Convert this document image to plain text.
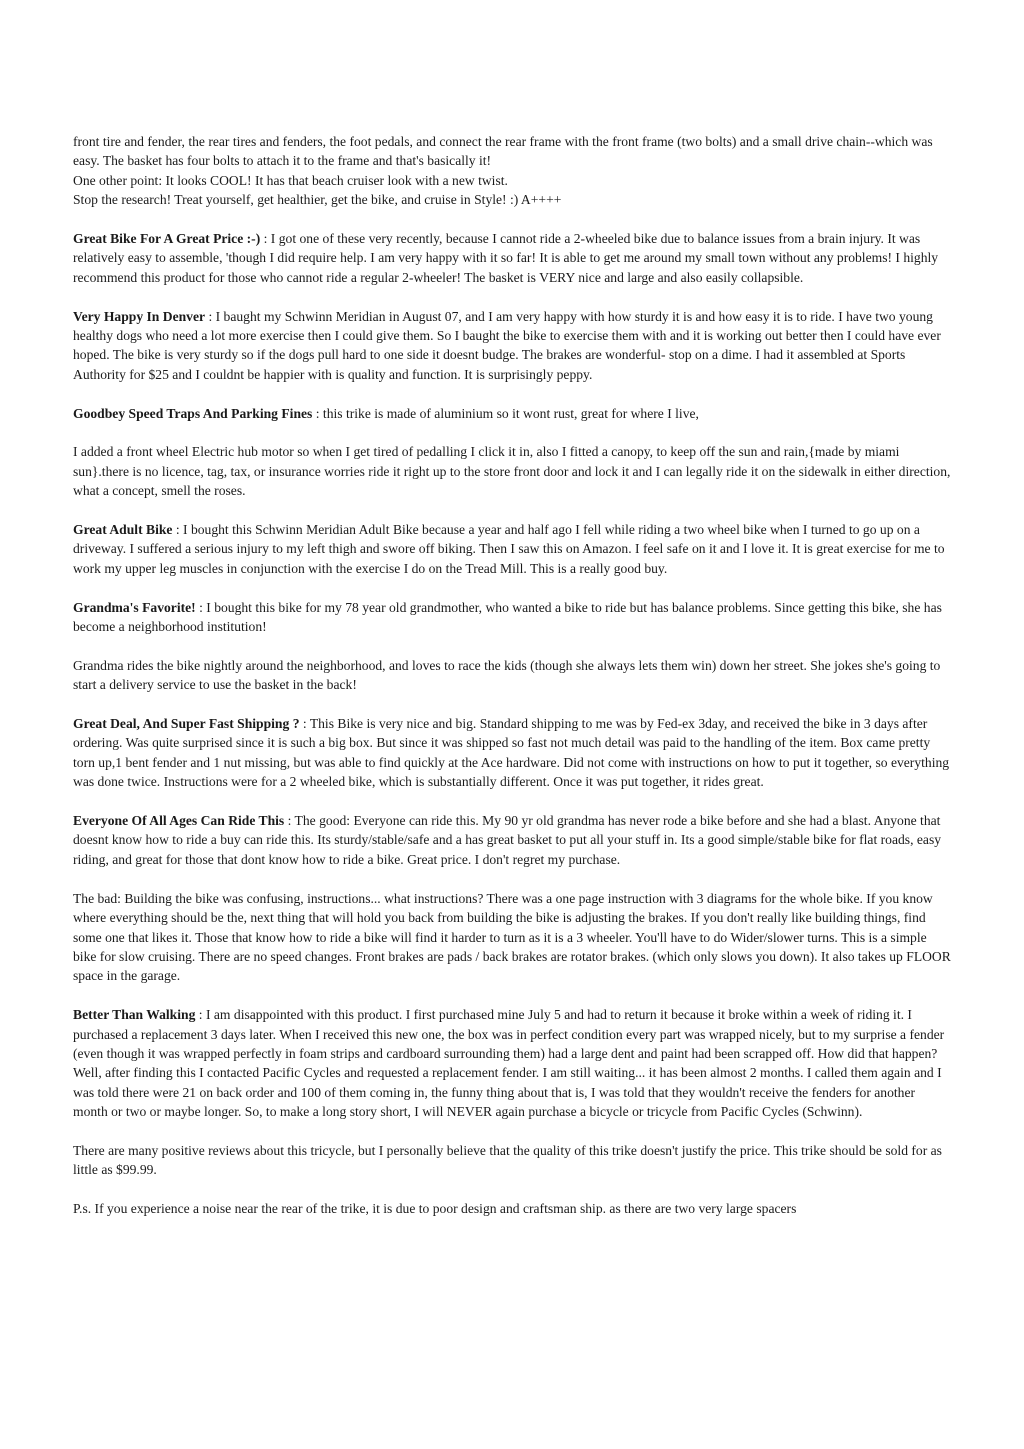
front tire and fender, the rear tires and fenders, the foot pedals, and connect the rear frame with the front frame (two bolts) and a small drive chain--which was easy. The basket has four bolts to attach it to the frame and that's basically it!
One other point: It looks COOL! It has that beach cruiser look with a new twist.
Stop the research! Treat yourself, get healthier, get the bike, and cruise in Style! :) A++++
Great Bike For A Great Price :-) : I got one of these very recently, because I cannot ride a 2-wheeled bike due to balance issues from a brain injury. It was relatively easy to assemble, 'though I did require help. I am very happy with it so far! It is able to get me around my small town without any problems! I highly recommend this product for those who cannot ride a regular 2-wheeler! The basket is VERY nice and large and also easily collapsible.
Very Happy In Denver : I baught my Schwinn Meridian in August 07, and I am very happy with how sturdy it is and how easy it is to ride. I have two young healthy dogs who need a lot more exercise then I could give them. So I baught the bike to exercise them with and it is working out better then I could have ever hoped. The bike is very sturdy so if the dogs pull hard to one side it doesnt budge. The brakes are wonderful- stop on a dime. I had it assembled at Sports Authority for $25 and I couldnt be happier with is quality and function. It is surprisingly peppy.
Goodbey Speed Traps And Parking Fines : this trike is made of aluminium so it wont rust, great for where I live,
I added a front wheel Electric hub motor so when I get tired of pedalling I click it in, also I fitted a canopy, to keep off the sun and rain,{made by miami sun}.there is no licence, tag, tax, or insurance worries ride it right up to the store front door and lock it and I can legally ride it on the sidewalk in either direction, what a concept, smell the roses.
Great Adult Bike : I bought this Schwinn Meridian Adult Bike because a year and half ago I fell while riding a two wheel bike when I turned to go up on a driveway. I suffered a serious injury to my left thigh and swore off biking. Then I saw this on Amazon. I feel safe on it and I love it. It is great exercise for me to work my upper leg muscles in conjunction with the exercise I do on the Tread Mill. This is a really good buy.
Grandma's Favorite! : I bought this bike for my 78 year old grandmother, who wanted a bike to ride but has balance problems. Since getting this bike, she has become a neighborhood institution!
Grandma rides the bike nightly around the neighborhood, and loves to race the kids (though she always lets them win) down her street. She jokes she's going to start a delivery service to use the basket in the back!
Great Deal, And Super Fast Shipping ? : This Bike is very nice and big. Standard shipping to me was by Fed-ex 3day, and received the bike in 3 days after ordering. Was quite surprised since it is such a big box. But since it was shipped so fast not much detail was paid to the handling of the item. Box came pretty torn up,1 bent fender and 1 nut missing, but was able to find quickly at the Ace hardware. Did not come with instructions on how to put it together, so everything was done twice. Instructions were for a 2 wheeled bike, which is substantially different. Once it was put together, it rides great.
Everyone Of All Ages Can Ride This : The good: Everyone can ride this. My 90 yr old grandma has never rode a bike before and she had a blast. Anyone that doesnt know how to ride a buy can ride this. Its sturdy/stable/safe and a has great basket to put all your stuff in. Its a good simple/stable bike for flat roads, easy riding, and great for those that dont know how to ride a bike. Great price. I don't regret my purchase.
The bad: Building the bike was confusing, instructions... what instructions? There was a one page instruction with 3 diagrams for the whole bike. If you know where everything should be the, next thing that will hold you back from building the bike is adjusting the brakes. If you don't really like building things, find some one that likes it. Those that know how to ride a bike will find it harder to turn as it is a 3 wheeler. You'll have to do Wider/slower turns. This is a simple bike for slow cruising. There are no speed changes. Front brakes are pads / back brakes are rotator brakes. (which only slows you down). It also takes up FLOOR space in the garage.
Better Than Walking : I am disappointed with this product. I first purchased mine July 5 and had to return it because it broke within a week of riding it. I purchased a replacement 3 days later. When I received this new one, the box was in perfect condition every part was wrapped nicely, but to my surprise a fender (even though it was wrapped perfectly in foam strips and cardboard surrounding them) had a large dent and paint had been scrapped off. How did that happen? Well, after finding this I contacted Pacific Cycles and requested a replacement fender. I am still waiting... it has been almost 2 months. I called them again and I was told there were 21 on back order and 100 of them coming in, the funny thing about that is, I was told that they wouldn't receive the fenders for another month or two or maybe longer. So, to make a long story short, I will NEVER again purchase a bicycle or tricycle from Pacific Cycles (Schwinn).
There are many positive reviews about this tricycle, but I personally believe that the quality of this trike doesn't justify the price. This trike should be sold for as little as $99.99.
P.s. If you experience a noise near the rear of the trike, it is due to poor design and craftsman ship. as there are two very large spacers
